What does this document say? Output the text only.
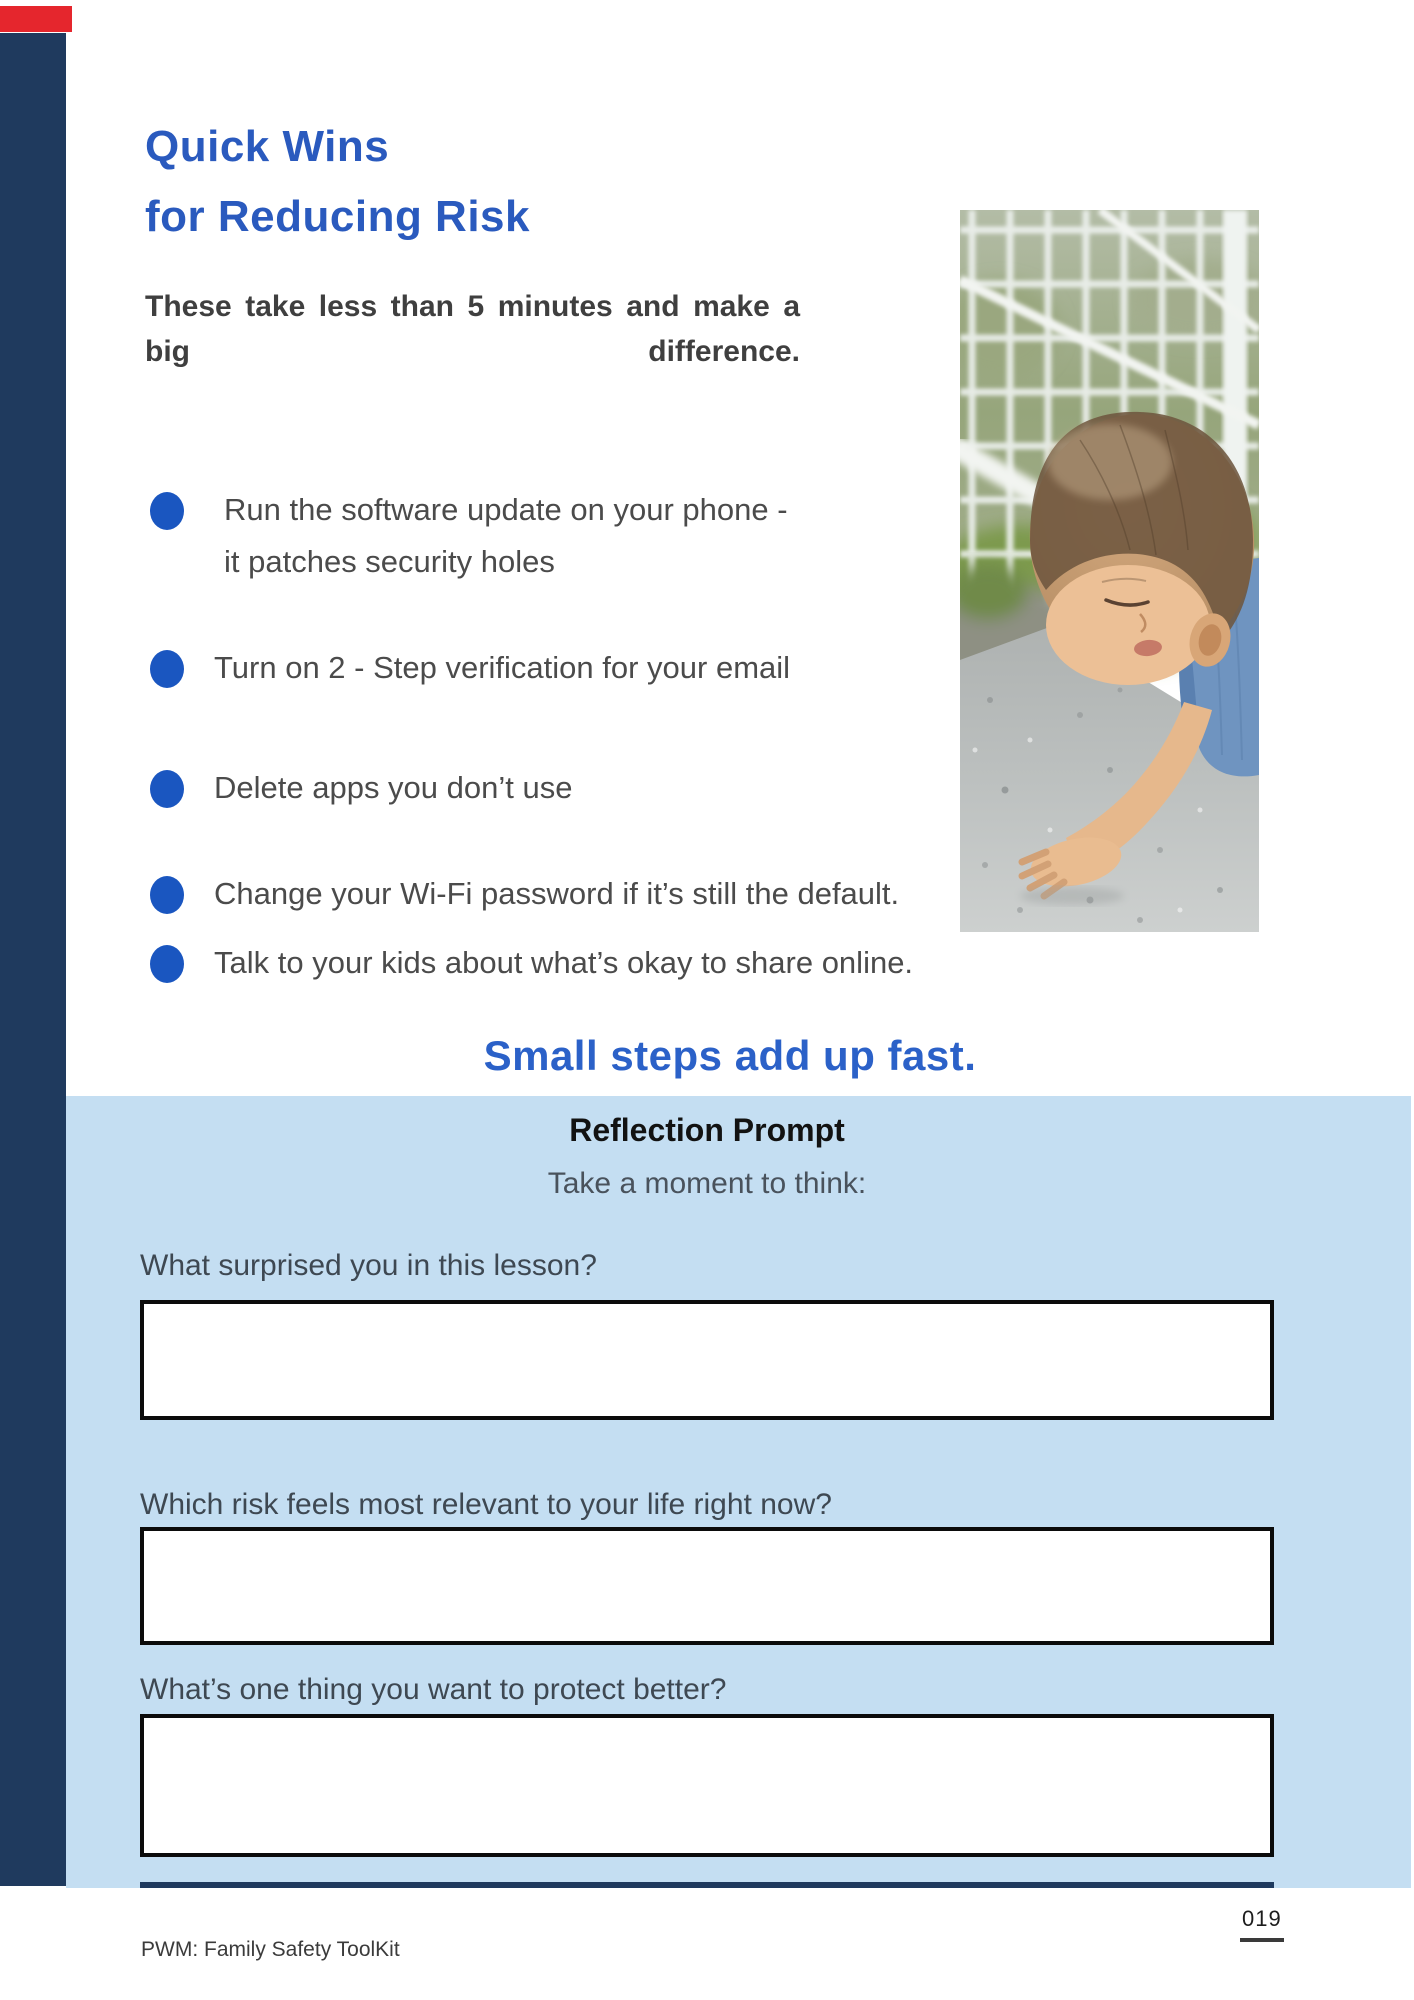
Quick Wins
for Reducing Risk
These take less than 5 minutes and make a big difference.
Run the software update on your phone - it patches security holes
Turn on 2 - Step verification for your email
Delete apps you don’t use
Change your Wi-Fi password if it’s still the default.
Talk to your kids about what’s okay to share online.
Small steps add up fast.
Reflection Prompt
Take a moment to think:
What surprised you in this lesson?
Which risk feels most relevant to your life right now?
What’s one thing you want to protect better?
PWM: Family Safety ToolKit
019
